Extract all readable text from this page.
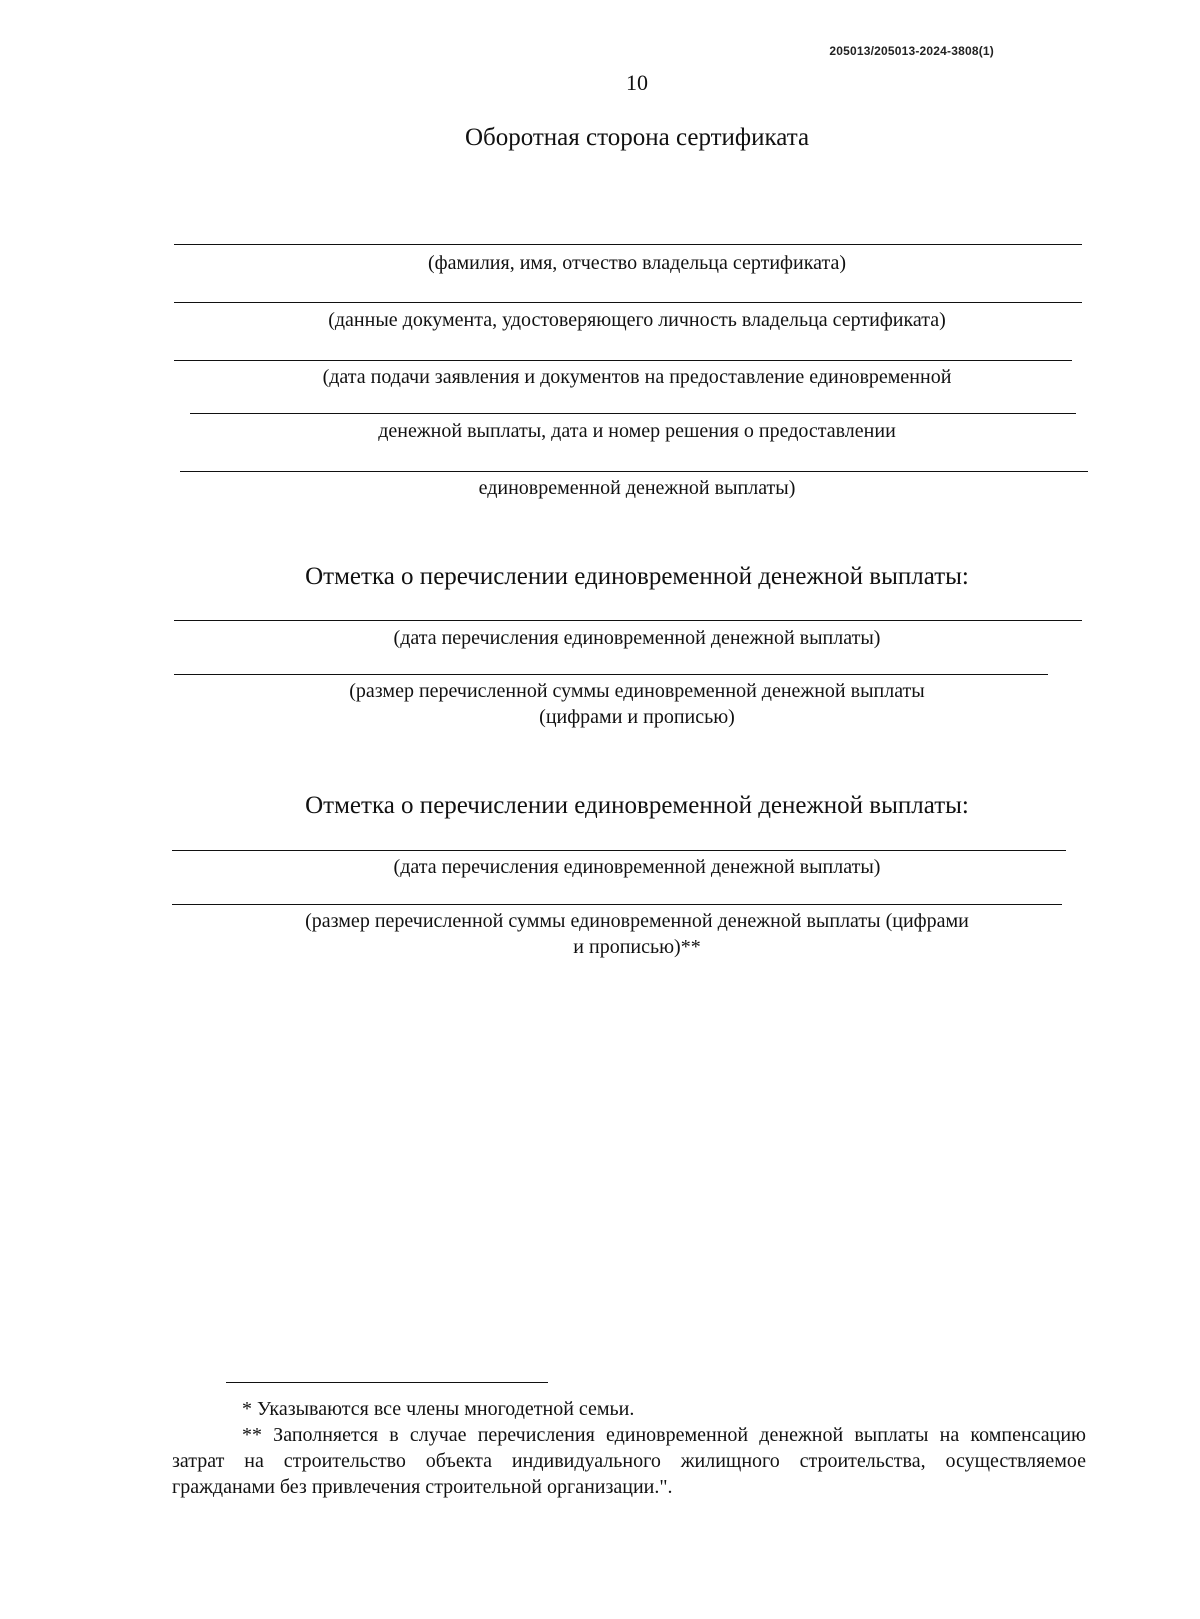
205013/205013-2024-3808(1)
10
Оборотная сторона сертификата
(фамилия, имя, отчество владельца сертификата)
(данные документа, удостоверяющего личность владельца сертификата)
(дата подачи заявления и документов на предоставление единовременной
денежной выплаты, дата и номер решения о предоставлении
единовременной денежной выплаты)
Отметка о перечислении единовременной денежной выплаты:
(дата перечисления единовременной денежной выплаты)
(размер перечисленной суммы единовременной денежной выплаты
(цифрами и прописью)
Отметка о перечислении единовременной денежной выплаты:
(дата перечисления единовременной денежной выплаты)
(размер перечисленной суммы единовременной денежной выплаты (цифрами
и прописью)**
* Указываются все члены многодетной семьи.
** Заполняется в случае перечисления единовременной денежной выплаты на компенсацию затрат на строительство объекта индивидуального жилищного строительства, осуществляемое гражданами без привлечения строительной организации.".
